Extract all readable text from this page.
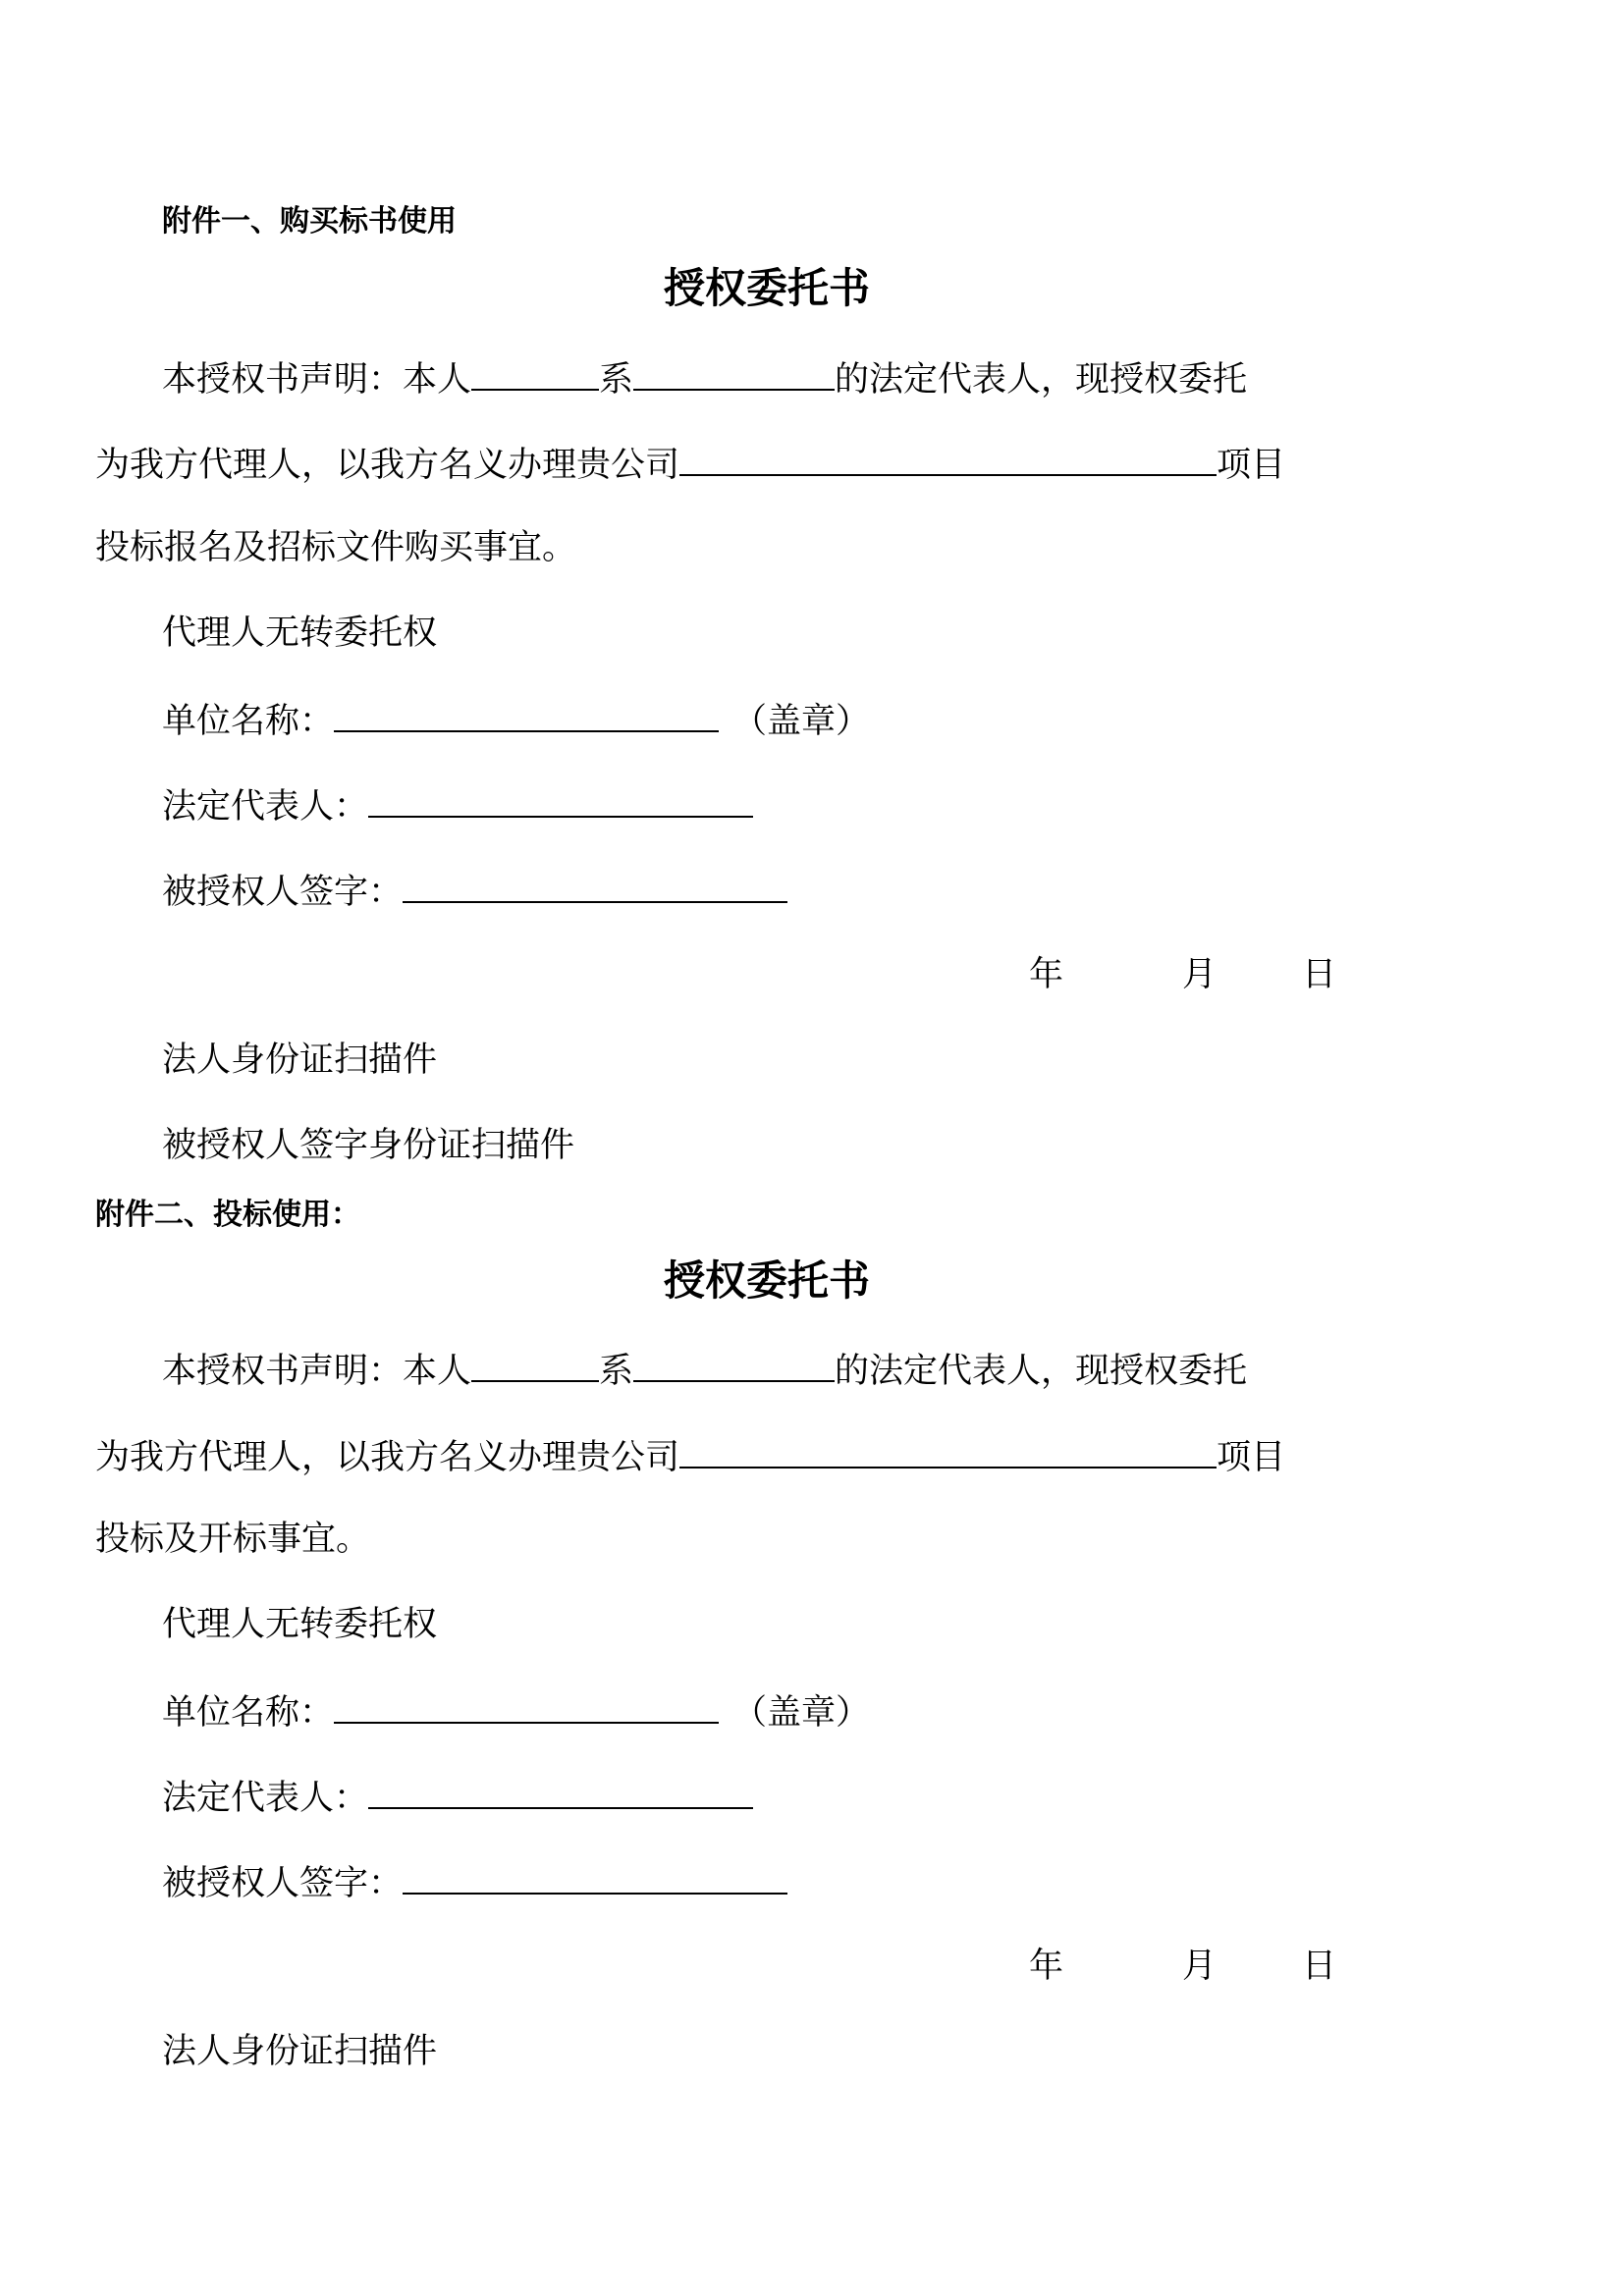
附件一、购买标书使用
授权委托书
本授权书声明：本人	系	的法定代表人，现授权委托
为我方代理人，以我方名义办理贵公司	项目
投标报名及招标文件购买事宜。
代理人无转委托权
单位名称：	（盖章）
法定代表人：
被授权人签字：
年	月 日
法人身份证扫描件
被授权人签字身份证扫描件
附件二、投标使用：
授权委托书
本授权书声明：本人	系	的法定代表人，现授权委托
为我方代理人，以我方名义办理贵公司	项目
投标及开标事宜。
代理人无转委托权
单位名称：	（盖章）
法定代表人：
被授权人签字：
年	月 日
法人身份证扫描件
